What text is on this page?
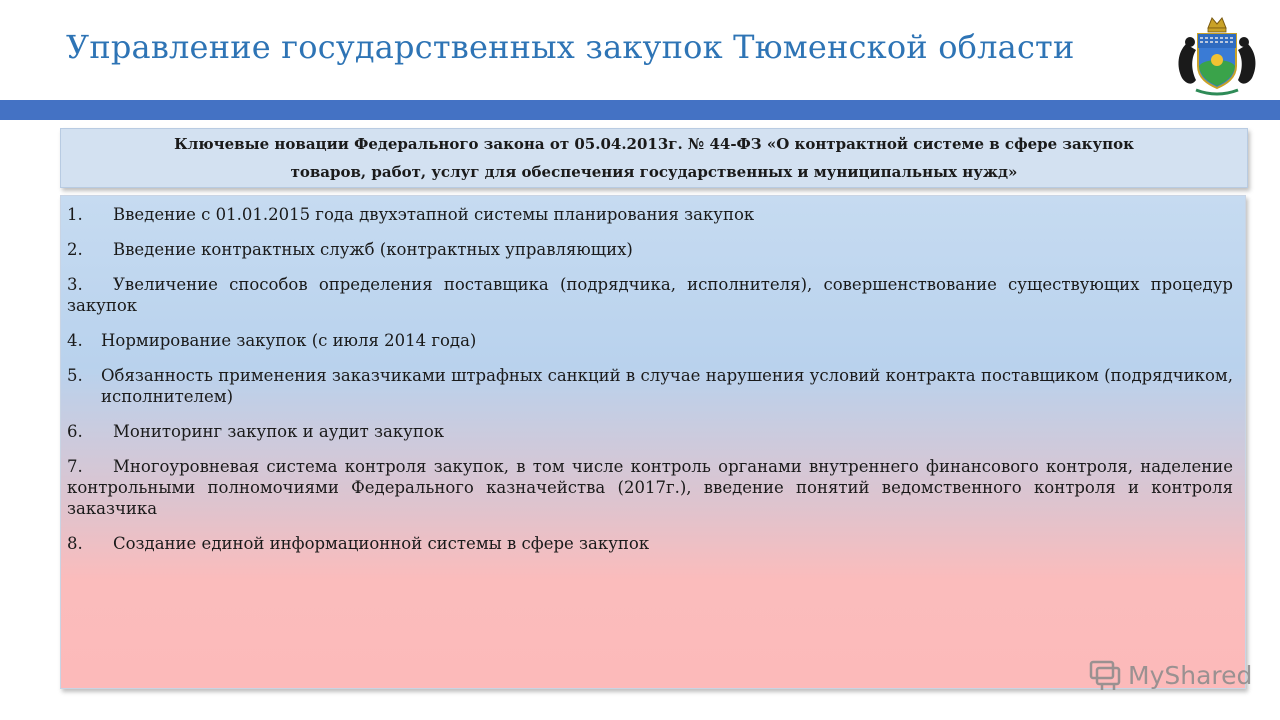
Управление государственных закупок Тюменской области
Ключевые новации Федерального закона от 05.04.2013г. № 44-ФЗ «О контрактной системе в сфере закупок
товаров, работ, услуг для обеспечения государственных и муниципальных нужд»
1. Введение с 01.01.2015 года двухэтапной системы планирования закупок
2. Введение контрактных служб (контрактных управляющих)
3. Увеличение способов определения поставщика (подрядчика, исполнителя), совершенствование существующих процедур закупок
4.	Нормирование закупок (с июля 2014 года)
5.	Обязанность применения заказчиками штрафных санкций в случае нарушения условий контракта поставщиком (подрядчиком, исполнителем)
6. Мониторинг закупок и аудит закупок
7. Многоуровневая система контроля закупок, в том числе контроль органами внутреннего финансового контроля, наделение контрольными полномочиями Федерального казначейства (2017г.), введение понятий ведомственного контроля и контроля заказчика
8. Создание единой информационной системы в сфере закупок
MyShared
